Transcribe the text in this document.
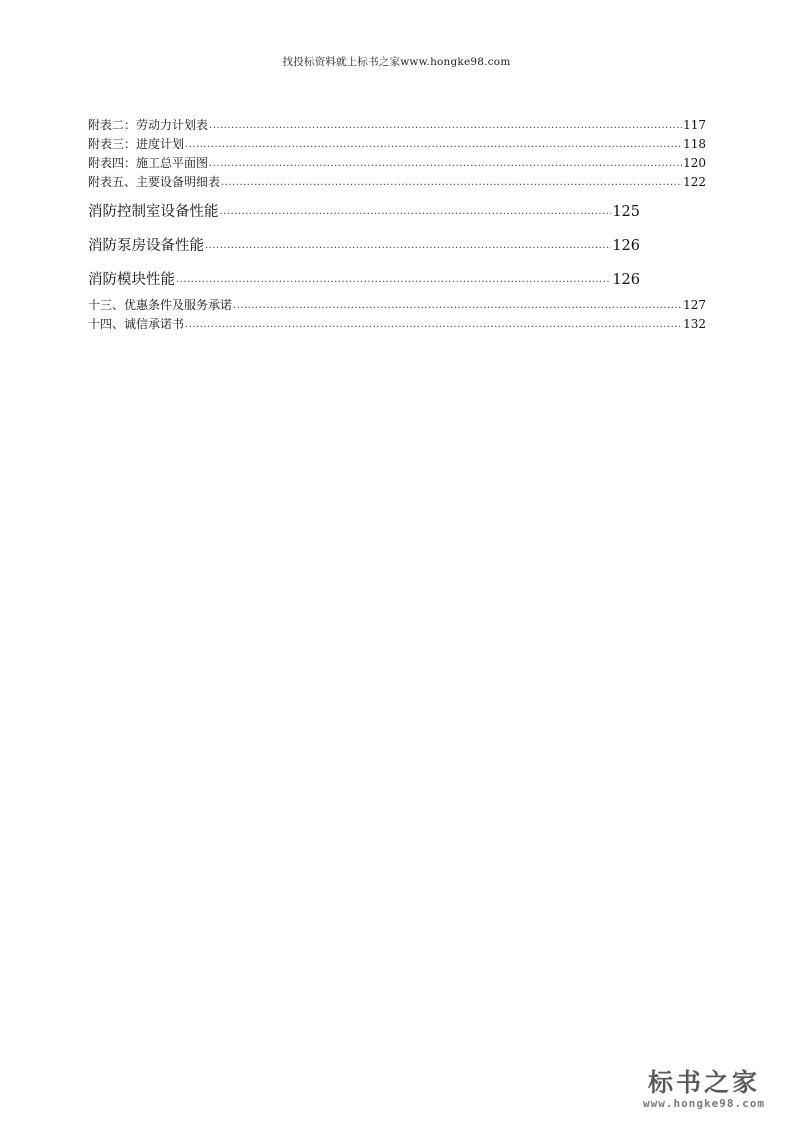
找投标资料就上标书之家www.hongke98.com
附表二：劳动力计划表 .....	117
附表三：进度计划 .....	118
附表四：施工总平面图 .....	120
附表五、主要设备明细表 .....	122
消防控制室设备性能 .....	125
消防泵房设备性能 .....	126
消防模块性能 .....	126
十三、优惠条件及服务承诺 .....	127
十四、诚信承诺书 .....	132
标书之家
www.hongke98.com
